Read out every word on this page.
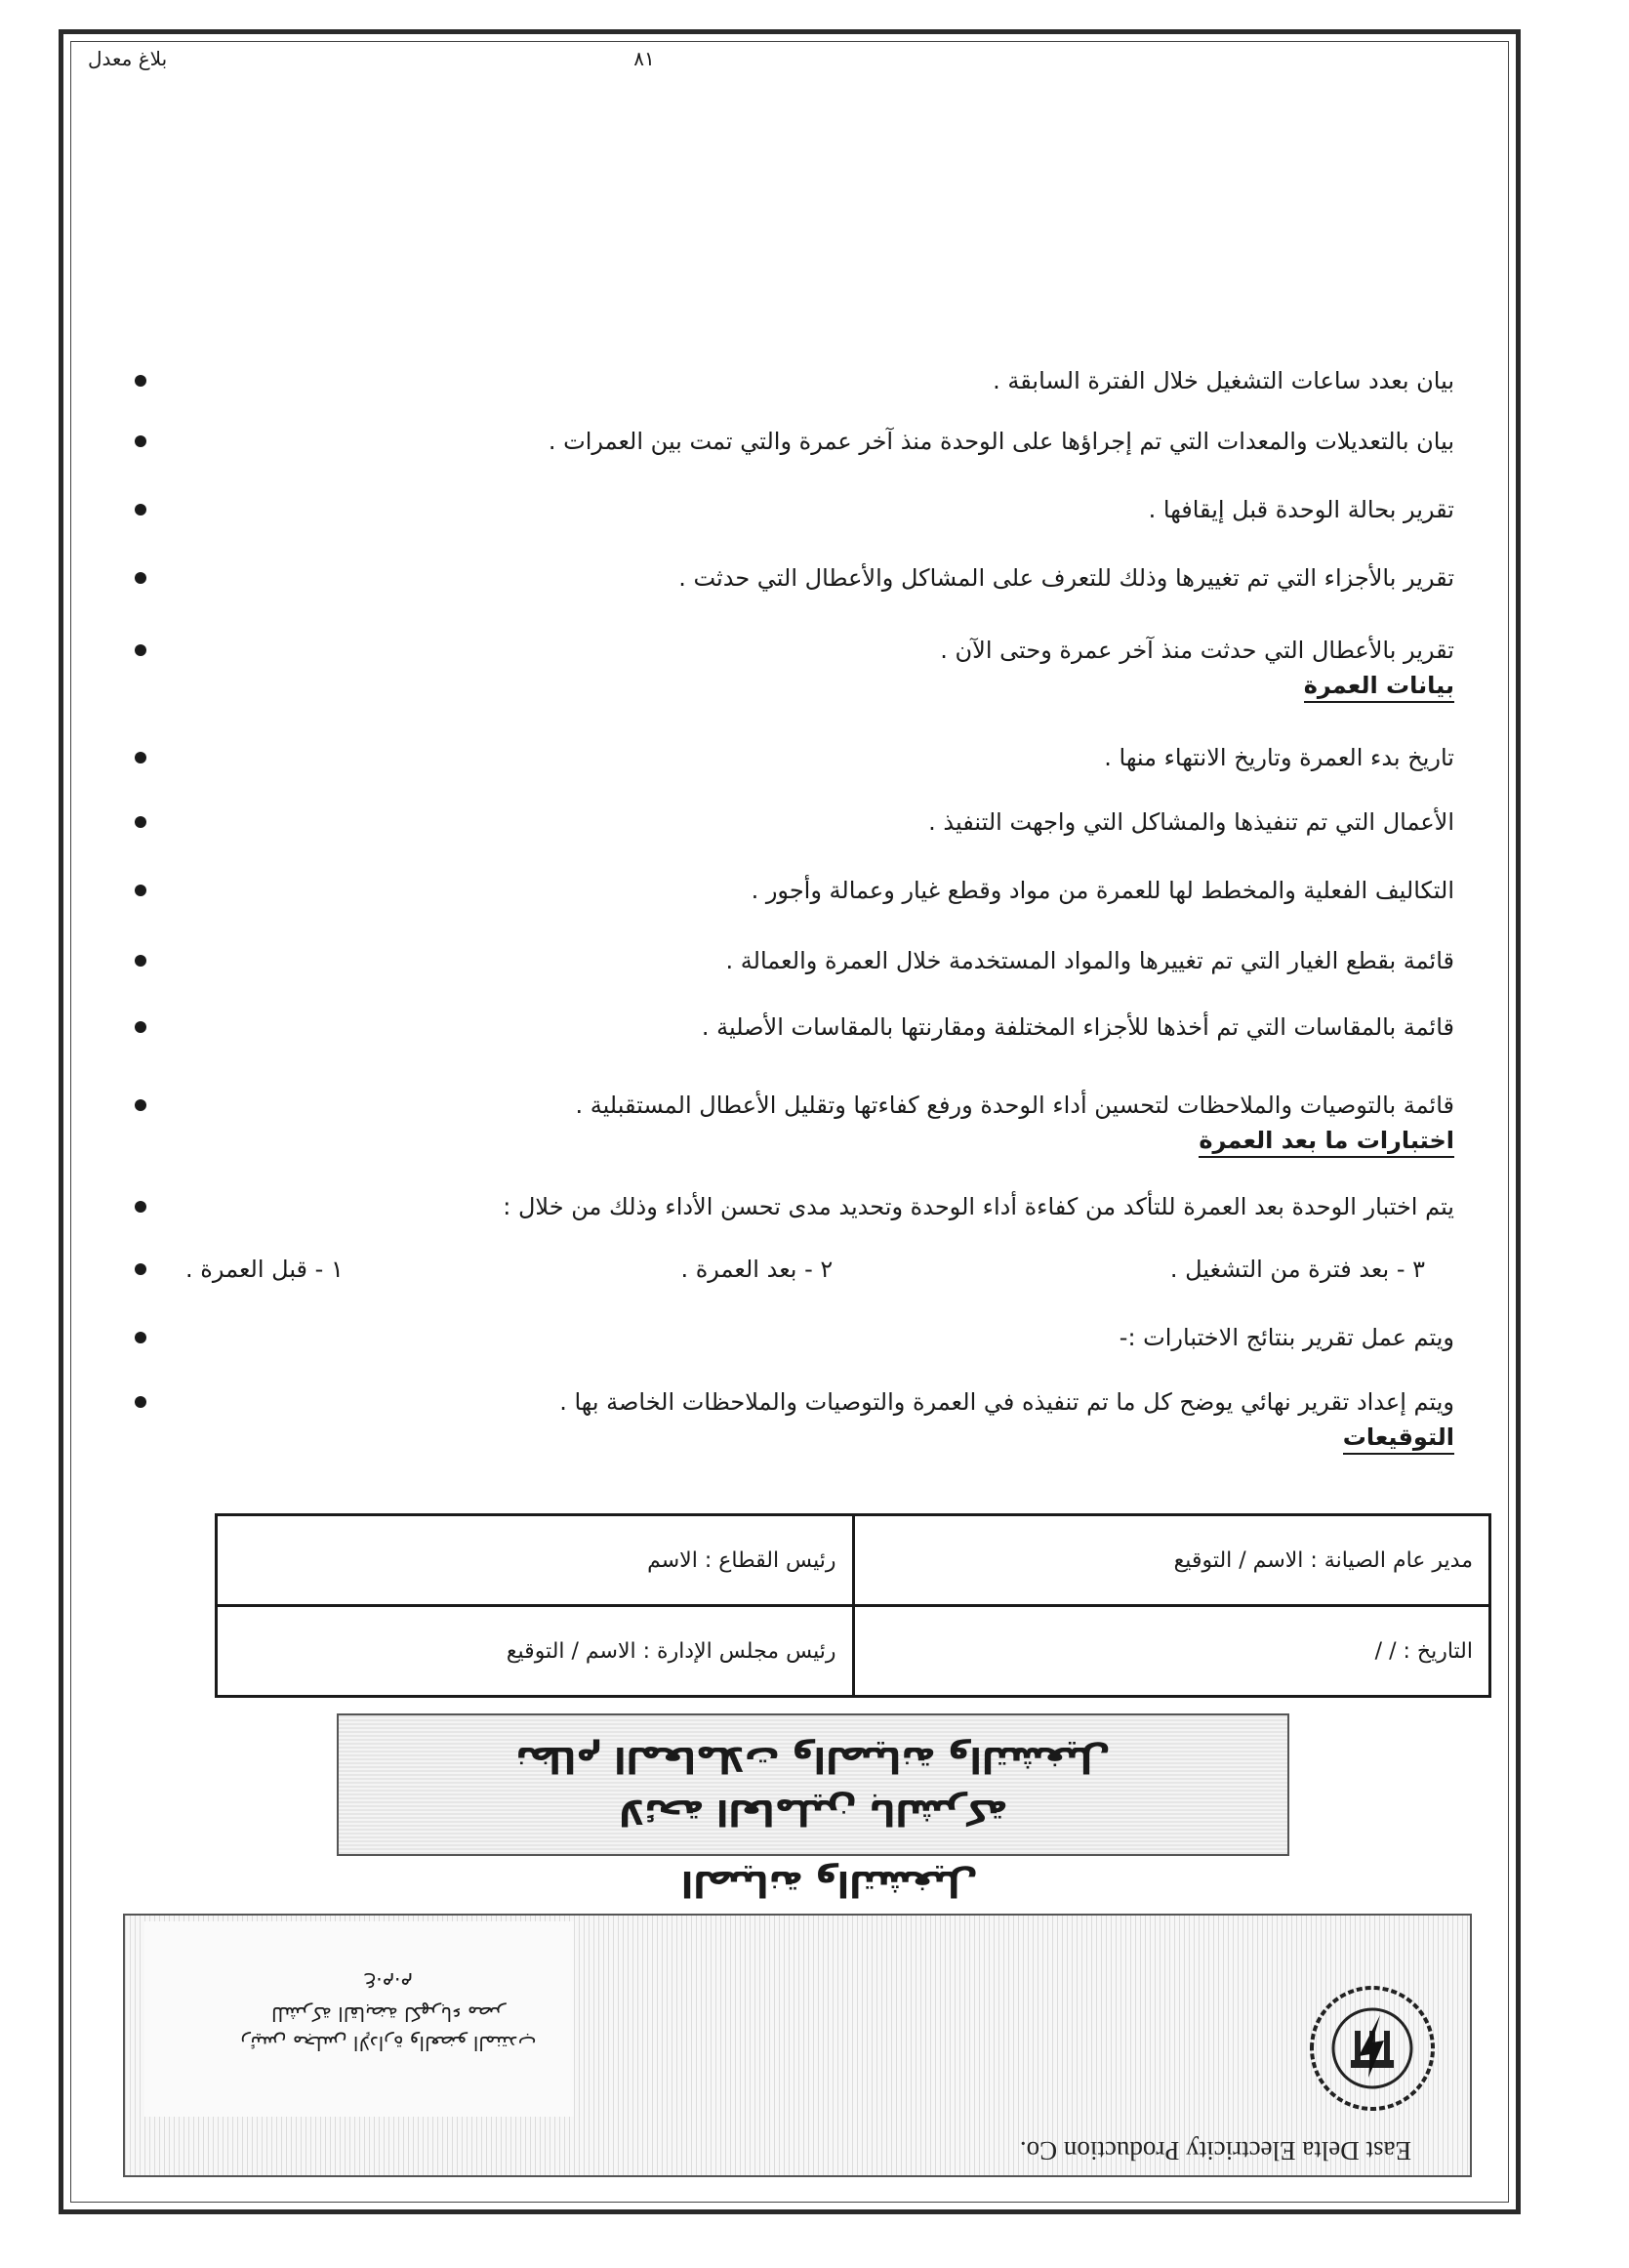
٨١
بلاغ معدل
بيان بعدد ساعات التشغيل خلال الفترة السابقة .
بيان بالتعديلات والمعدات التي تم إجراؤها على الوحدة منذ آخر عمرة والتي تمت بين العمرات .
تقرير بحالة الوحدة قبل إيقافها .
تقرير بالأجزاء التي تم تغييرها وذلك للتعرف على المشاكل والأعطال التي حدثت .
تقرير بالأعطال التي حدثت منذ آخر عمرة وحتى الآن .
بيانات العمرة
تاريخ بدء العمرة وتاريخ الانتهاء منها .
الأعمال التي تم تنفيذها والمشاكل التي واجهت التنفيذ .
التكاليف الفعلية والمخطط لها للعمرة من مواد وقطع غيار وعمالة وأجور .
قائمة بقطع الغيار التي تم تغييرها والمواد المستخدمة خلال العمرة والعمالة .
قائمة بالمقاسات التي تم أخذها للأجزاء المختلفة ومقارنتها بالمقاسات الأصلية .
قائمة بالتوصيات والملاحظات لتحسين أداء الوحدة ورفع كفاءتها وتقليل الأعطال المستقبلية .
اختبارات ما بعد العمرة
يتم اختبار الوحدة بعد العمرة للتأكد من كفاءة أداء الوحدة وتحديد مدى تحسن الأداء وذلك من خلال :
٣ - بعد فترة من التشغيل .
٢ - بعد العمرة .
١ - قبل العمرة .
ويتم عمل تقرير بنتائج الاختبارات :-
ويتم إعداد تقرير نهائي يوضح كل ما تم تنفيذه في العمرة والتوصيات والملاحظات الخاصة بها .
التوقيعات
مدير عام الصيانة : الاسم / التوقيع	رئيس القطاع : الاسم
التاريخ : / /	رئيس مجلس الإدارة : الاسم / التوقيع
لائحة العاملين بالشركة
نظام المعاملات والصيانة والتشغيل
الصيانة والتشغيل
East Delta Electricity Production Co.
رئيس مجلس الإدارة والعضو المنتدب
للشركة القابضة لكهرباء مصر
ع.م.م
